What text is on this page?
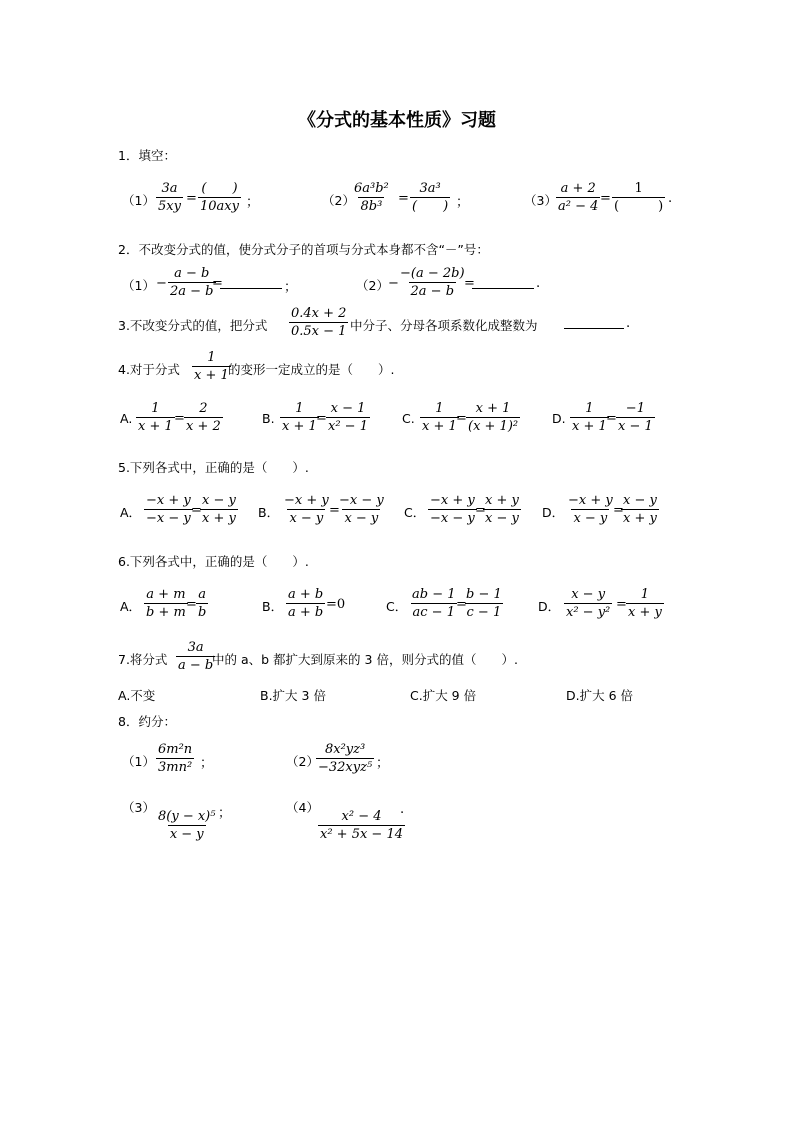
《分式的基本性质》习题
1．填空：
$(1) \frac{3a}{5xy}$ =
(　　)
10axy ；	（2）
$\frac{\text{6a³b²}}{\text{8b³}}$ =
3a³
(　　) ；	$(3) \frac{a + 2}{\text{a² − 4}}$ =
1
(　　　)
.
2．不改变分式的值，使分式分子的首项与分式本身都不含“－”号：
$(1) - \frac{a - b}{2a - b}$
=	；	$(2) - \frac{-(a - 2b)}{2a - b}$
=	.
3.不改变分式的值，把分式 $\frac{0.4x + 2}{0.5x - 1}$ 中分子、分母各项系数化成整数为	.
4.对于分式 $\frac{1}{x + 1}$
的变形一定成立的是（　　）.
A. $\frac{1}{x + 1} = \frac{2}{x + 2}$	B. $\frac{1}{x + 1}$
= $\frac{x - 1}{\text{x² − 1}}$	C. $\frac{1}{x + 1}$
= $\frac{x + 1}{\text{(x + 1)²}}$	D. $\frac{1}{x + 1}$
= $\frac{-1}{x - 1}$
5.下列各式中，正确的是（　　）.
A． $\frac{-x + y}{-x - y}$
=
$\frac{x - y}{x + y}$ B． $\frac{-x + y}{x - y}$
=
$\frac{-x - y}{x - y}$ C． $\frac{-x + y}{-x - y}$
=
$\frac{x + y}{x - y}$ D． $\frac{-x + y}{x - y}$
=
$\frac{x - y}{x + y}$
6.下列各式中，正确的是（　　）.
A． $\frac{a + m}{b + m}$
= $\frac{a}{b}$	B． $\frac{a + b}{a + b} =0$	C． $\frac{ab - 1}{ac - 1}$
=
$\frac{b - 1}{c - 1}$	D． $\frac{x - y}{\text{x² − y²}} = \frac{1}{x + y}$
7.将分式 $\frac{3a}{a - b}$
中的 a、b 都扩大到原来的 3 倍，则分式的值（　　）.
A.不变	B.扩大 3 倍	C.扩大 9 倍	D.扩大 6 倍
8．约分：
$(1) \frac{\text{6m²n}}{\text{3mn²}}$ ；	（2）
8x²yz³
−32xyz⁵ ；
（3）
$\frac{\text{8(y − x)⁵}}{x - y}$ ；	（4）
$\frac{\text{x² − 4}}{\text{x² + 5x − 14}}$
.
